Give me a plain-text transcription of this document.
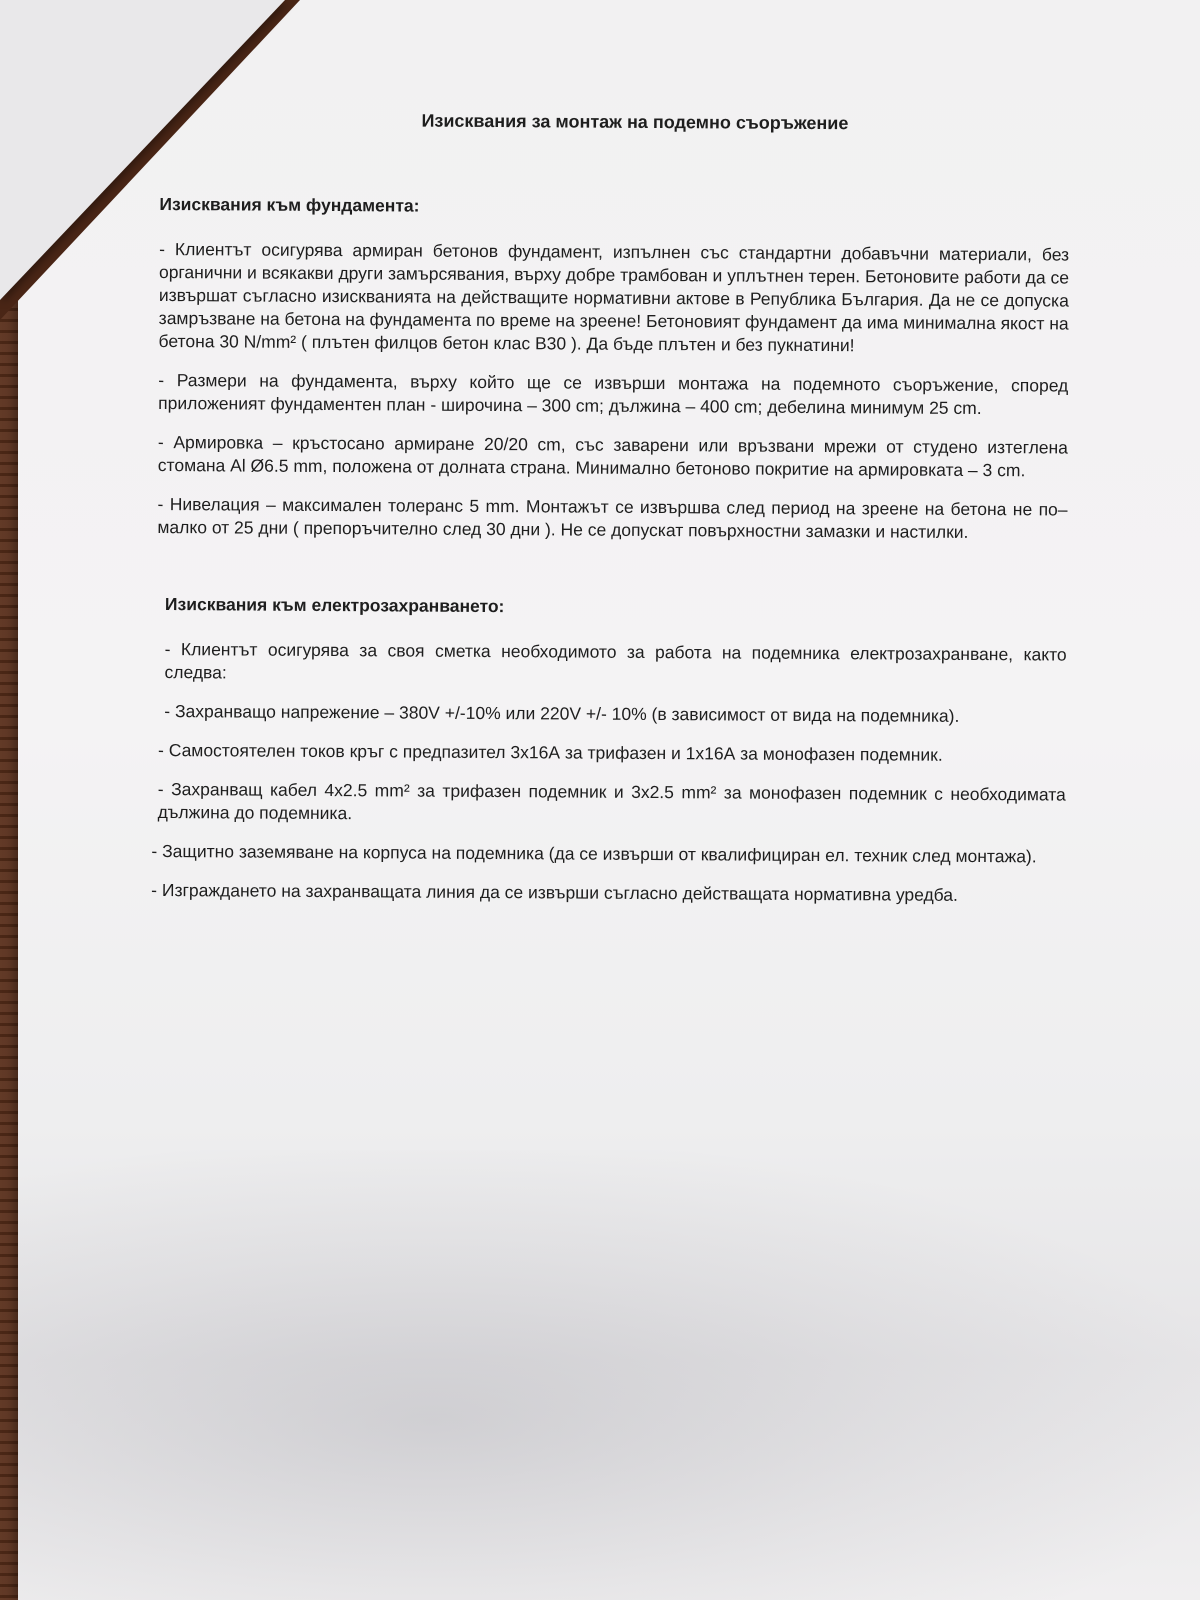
Изисквания за монтаж на подемно съоръжение
Изисквания към фундамента:

- Клиентът осигурява армиран бетонов фундамент, изпълнен със стандартни добавъчни материали, без органични и всякакви други замърсявания, върху добре трамбован и уплътнен терен. Бетоновите работи да се извършат съгласно изискванията на действащите нормативни актове в Република България. Да не се допуска замръзване на бетона на фундамента по време на зреене! Бетоновият фундамент да има минимална якост на бетона 30 N/mm² ( плътен филцов бетон клас В30 ). Да бъде плътен и без пукнатини!

- Размери на фундамента, върху който ще се извърши монтажа на подемното съоръжение, според приложеният фундаментен план - широчина – 300 cm; дължина – 400 cm; дебелина минимум 25 cm.

- Армировка – кръстосано армиране 20/20 cm, със заварени или връзвани мрежи от студено изтеглена стомана Al Ø6.5 mm, положена от долната страна. Минимално бетоново покритие на армировката – 3 cm.

- Нивелация – максимален толеранс 5 mm. Монтажът се извършва след период на зреене на бетона не по–малко от 25 дни ( препоръчително след 30 дни ). Не се допускат повърхностни замазки и настилки.

Изисквания към електрозахранването:

- Клиентът осигурява за своя сметка необходимото за работа на подемника електрозахранване, както следва:

- Захранващо напрежение – 380V +/-10% или 220V +/- 10% (в зависимост от вида на подемника).

- Самостоятелен токов кръг с предпазител 3х16А за трифазен и 1х16А за монофазен подемник.

- Захранващ кабел 4х2.5 mm² за трифазен подемник и 3х2.5 mm² за монофазен подемник с необходимата дължина до подемника.

- Защитно заземяване на корпуса на подемника (да се извърши от квалифициран ел. техник след монтажа).

- Изграждането на захранващата линия да се извърши съгласно действащата нормативна уредба.
